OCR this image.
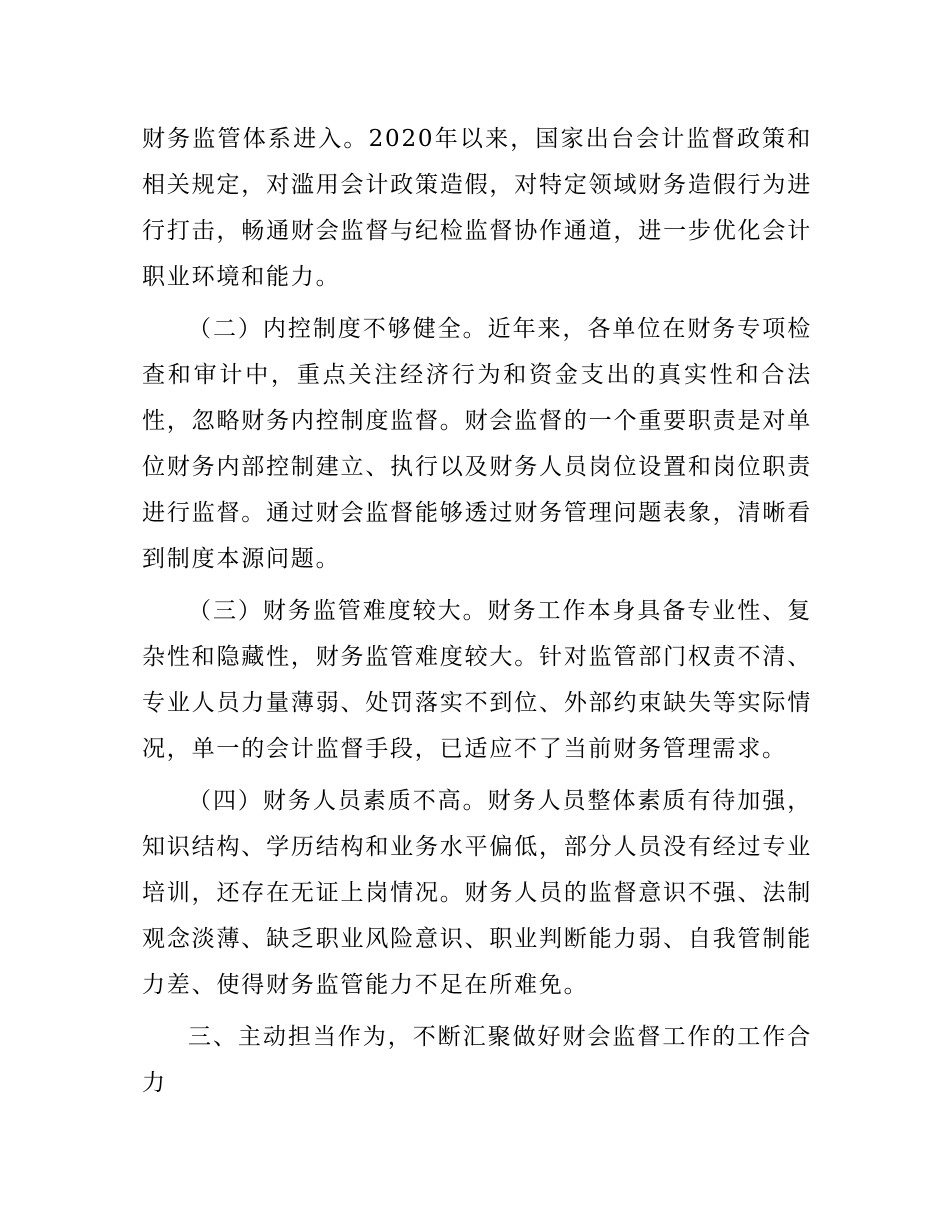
财务监管体系进入。2020年以来，国家出台会计监督政策和相关规定，对滥用会计政策造假，对特定领域财务造假行为进行打击，畅通财会监督与纪检监督协作通道，进一步优化会计职业环境和能力。

（二）内控制度不够健全。近年来，各单位在财务专项检查和审计中，重点关注经济行为和资金支出的真实性和合法性，忽略财务内控制度监督。财会监督的一个重要职责是对单位财务内部控制建立、执行以及财务人员岗位设置和岗位职责进行监督。通过财会监督能够透过财务管理问题表象，清晰看到制度本源问题。

（三）财务监管难度较大。财务工作本身具备专业性、复杂性和隐藏性，财务监管难度较大。针对监管部门权责不清、专业人员力量薄弱、处罚落实不到位、外部约束缺失等实际情况，单一的会计监督手段，已适应不了当前财务管理需求。

（四）财务人员素质不高。财务人员整体素质有待加强，知识结构、学历结构和业务水平偏低，部分人员没有经过专业培训，还存在无证上岗情况。财务人员的监督意识不强、法制观念淡薄、缺乏职业风险意识、职业判断能力弱、自我管制能力差、使得财务监管能力不足在所难免。

三、主动担当作为，不断汇聚做好财会监督工作的工作合力
